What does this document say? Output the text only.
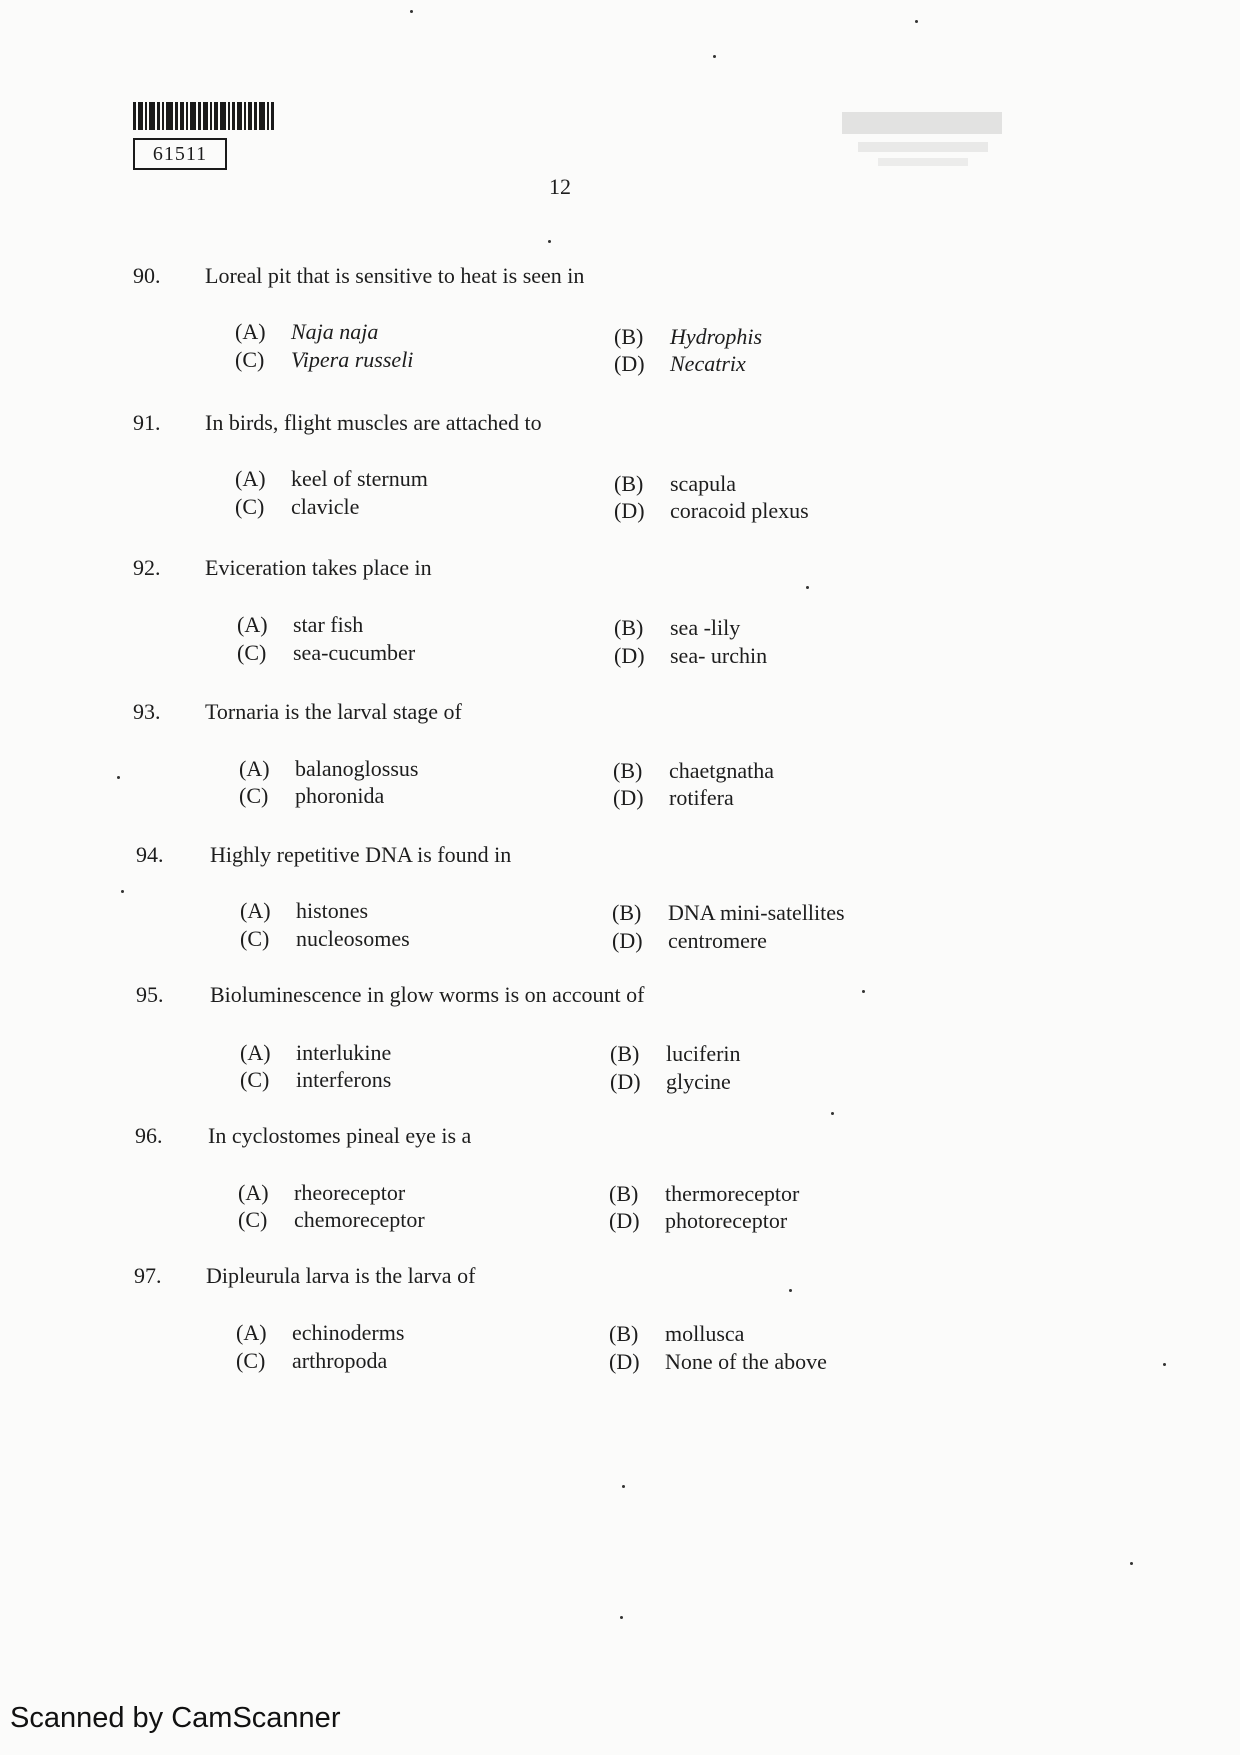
61511
12
90. Loreal pit that is sensitive to heat is seen in
(A) Naja naja	(B) Hydrophis
(C) Vipera russeli	(D) Necatrix
91. In birds, flight muscles are attached to
(A) keel of sternum	(B) scapula
(C) clavicle	(D) coracoid plexus
92. Eviceration takes place in
(A) star fish	(B) sea -lily
(C) sea-cucumber	(D) sea- urchin
93. Tornaria is the larval stage of
(A) balanoglossus	(B) chaetgnatha
(C) phoronida	(D) rotifera
94. Highly repetitive DNA is found in
(A) histones	(B) DNA mini-satellites
(C) nucleosomes	(D) centromere
95. Bioluminescence in glow worms is on account of
(A) interlukine	(B) luciferin
(C) interferons	(D) glycine
96. In cyclostomes pineal eye is a
(A) rheoreceptor	(B) thermoreceptor
(C) chemoreceptor	(D) photoreceptor
97. Dipleurula larva is the larva of
(A) echinoderms	(B) mollusca
(C) arthropoda	(D) None of the above
Scanned by CamScanner
